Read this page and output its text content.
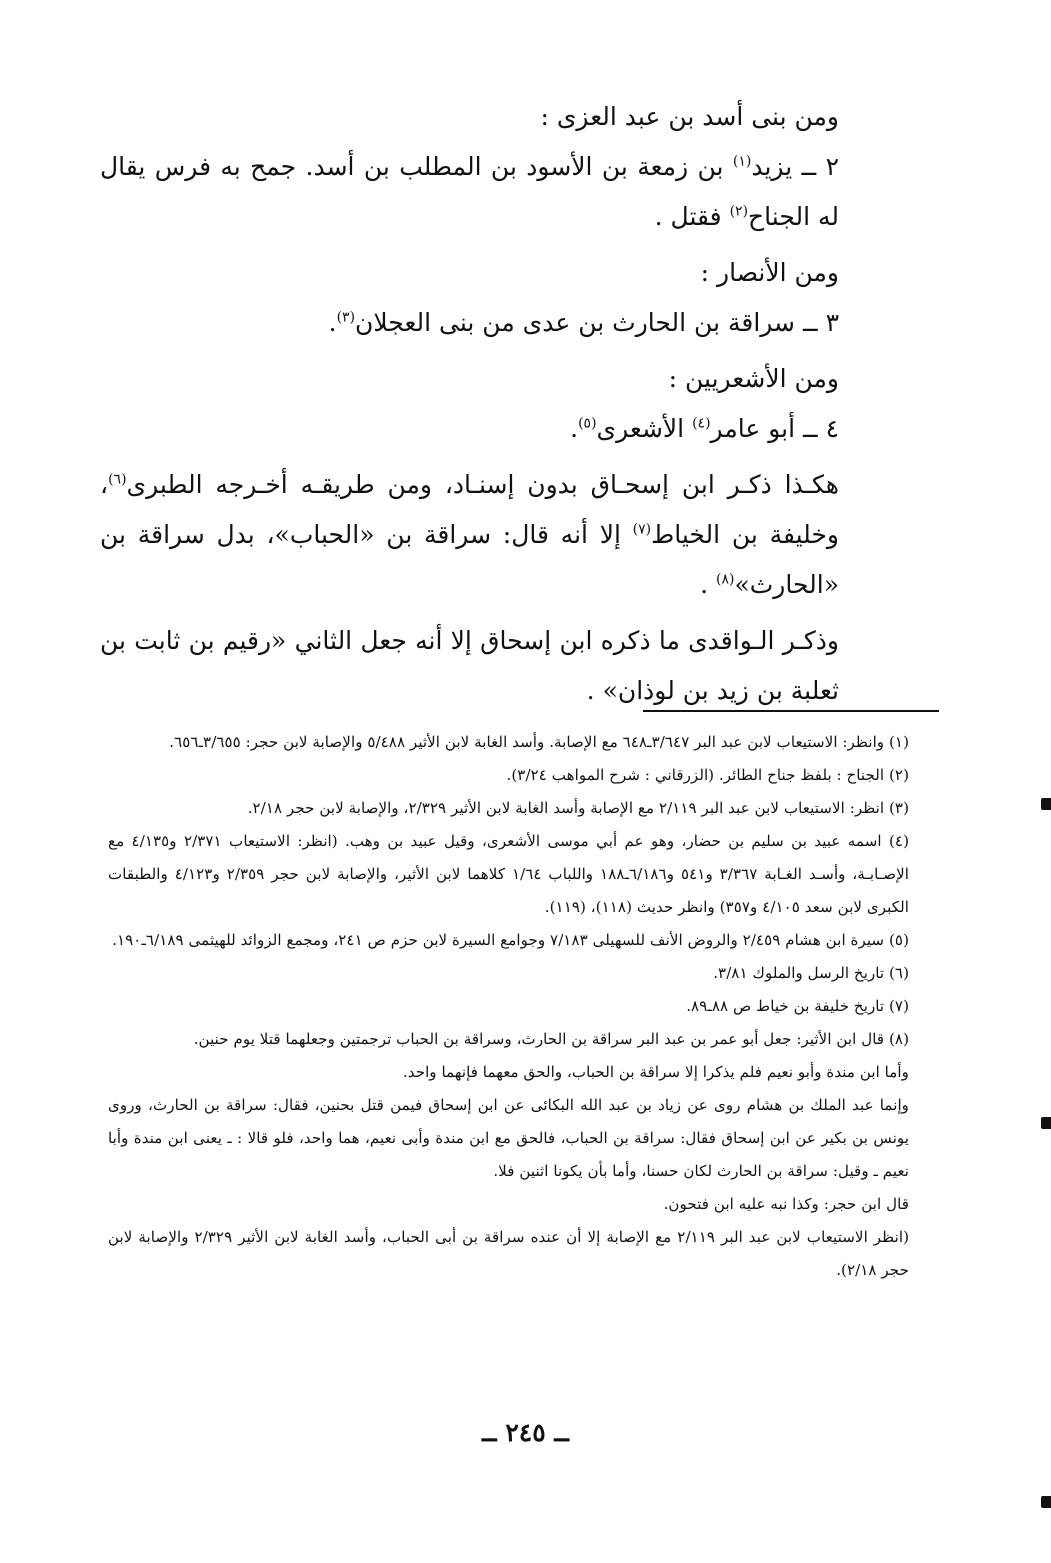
ومن بنى أسد بن عبد العزى :

٢ ــ يزيد$^{(١)}$ بن زمعة بن الأسود بن المطلب بن أسد. جمح به فرس يقال له الجناح$^{(٢)}$ فقتل .

ومن الأنصار :

٣ ــ سراقة بن الحارث بن عدى من بنى العجلان$^{(٣)}$.

ومن الأشعريين :

٤ ــ أبو عامر$^{(٤)}$ الأشعرى$^{(٥)}$.

هكـذا ذكـر ابن إسحـاق بدون إسنـاد، ومن طريقـه أخـرجه الطبرى$^{(٦)}$، وخليفة بن الخياط$^{(٧)}$ إلا أنه قال: سراقة بن «الحباب»، بدل سراقة بن «الحارث»$^{(٨)}$ .

وذكـر الـواقدى ما ذكره ابن إسحاق إلا أنه جعل الثاني «رقيم بن ثابت بن ثعلبة بن زيد بن لوذان» .

(١) وانظر: الاستيعاب لابن عبد البر ٣/٦٤٧ـ٦٤٨ مع الإصابة. وأسد الغابة لابن الأثير ٥/٤٨٨ والإصابة لابن حجر: ٣/٦٥٥ـ٦٥٦.

(٢) الجناح : بلفظ جناح الطائر. (الزرقاني : شرح المواهب ٣/٢٤).

(٣) انظر: الاستيعاب لابن عبد البر ٢/١١٩ مع الإصابة وأسد الغابة لابن الأثير ٢/٣٢٩، والإصابة لابن حجر ٢/١٨.

(٤) اسمه عبيد بن سليم بن حضار، وهو عم أبي موسى الأشعرى، وقيل عبيد بن وهب. (انظر: الاستيعاب ٢/٣٧١ و٤/١٣٥ مع الإصـابـة، وأسـد الغـابة ٣/٣٦٧ و٥٤١ و٦/١٨٦ـ١٨٨ واللباب ١/٦٤ كلاهما لابن الأثير، والإصابة لابن حجر ٢/٣٥٩ و٤/١٢٣ والطبقات الكبرى لابن سعد ٤/١٠٥ و٣٥٧) وانظر حديث (١١٨)، (١١٩).

(٥) سيرة ابن هشام ٢/٤٥٩ والروض الأنف للسهيلى ٧/١٨٣ وجوامع السيرة لابن حزم ص ٢٤١، ومجمع الزوائد للهيثمى ٦/١٨٩ـ١٩٠.

(٦) تاريخ الرسل والملوك ٣/٨١.

(٧) تاريخ خليفة بن خياط ص ٨٨ـ٨٩.

(٨) قال ابن الأثير: جعل أبو عمر بن عبد البر سراقة بن الحارث، وسراقة بن الحباب ترجمتين وجعلهما قتلا يوم حنين.

وأما ابن مندة وأبو نعيم فلم يذكرا إلا سراقة بن الحباب، والحق معهما فإنهما واحد.

وإنما عبد الملك بن هشام روى عن زياد بن عبد الله البكائى عن ابن إسحاق فيمن قتل بحنين، فقال: سراقة بن الحارث، وروى يونس بن بكير عن ابن إسحاق فقال: سراقة بن الحباب، فالحق مع ابن مندة وأبى نعيم، هما واحد، فلو قالا : ـ يعنى ابن مندة وأبا نعيم ـ وقيل: سراقة بن الحارث لكان حسنا، وأما بأن يكونا اثنين فلا.

قال ابن حجر: وكذا نبه عليه ابن فتحون.

(انظر الاستيعاب لابن عبد البر ٢/١١٩ مع الإصابة إلا أن عنده سراقة بن أبى الحباب، وأسد الغابة لابن الأثير ٢/٣٢٩ والإصابة لابن حجر ٢/١٨).

ــ ٢٤٥ ــ
